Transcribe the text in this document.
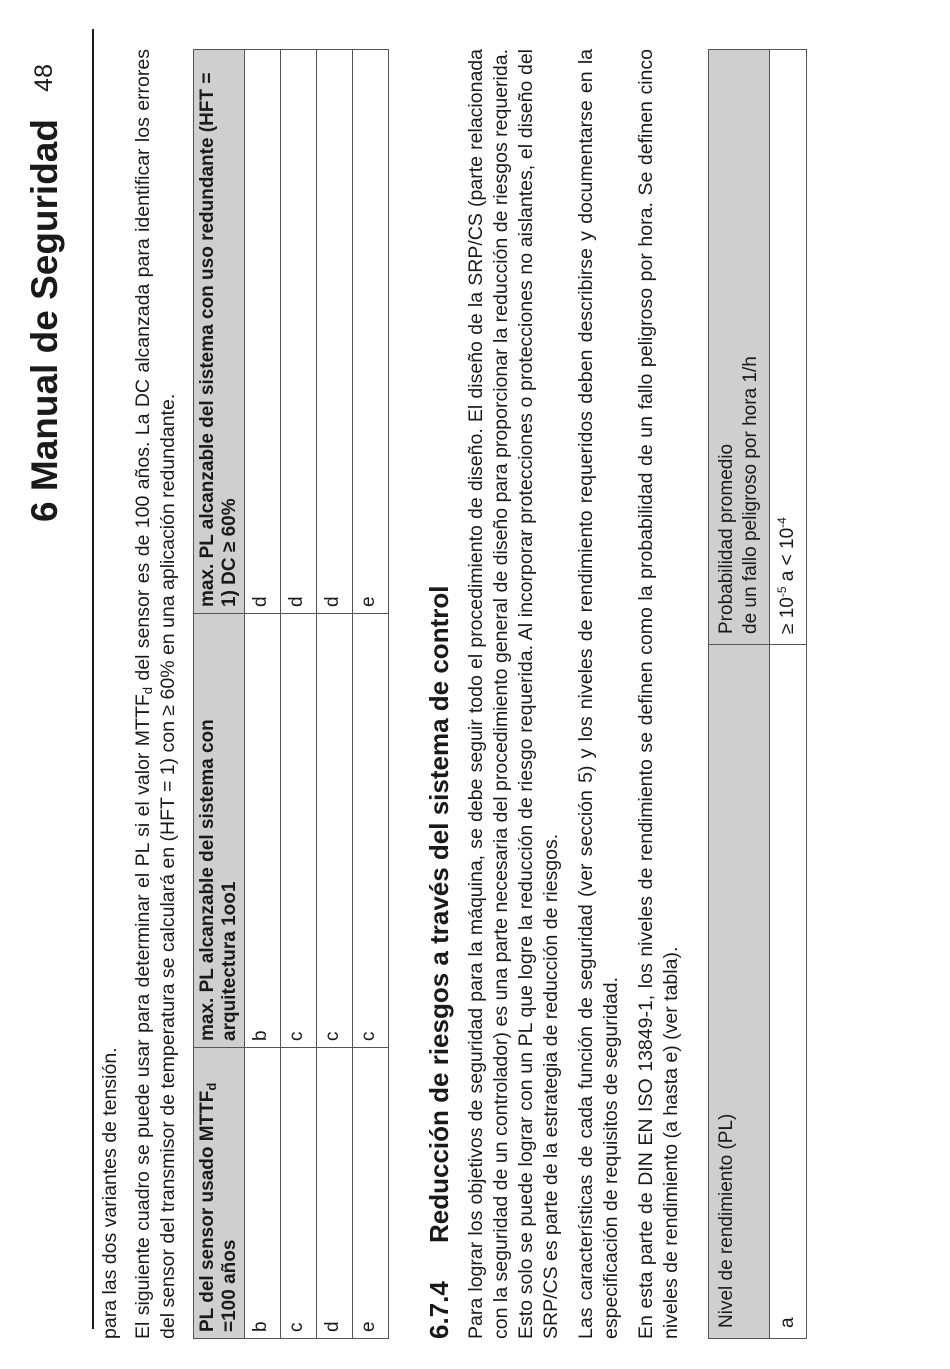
6 Manual de Seguridad
48

para las dos variantes de tensión. El siguiente cuadro se puede usar para determinar el PL si el valor $MTTF_d$ del sensor es de 100 años. La DC alcanzada para identificar los errores del sensor del transmisor de temperatura se calculará en (HFT = 1) con ≥ 60% en una aplicación redundante. PL del sensor usado $MTTF_d =100$ años	max. PL alcanzable del sistema con arquitectura 1oo1	max. PL alcanzable del sistema con uso redundante (HFT = 1) DC ≥ 60%
b	b	d
c	c	d
d	c	d
e	c	e
6.7.4Reducción de riesgos a través del sistema de control Para lograr los objetivos de seguridad para la máquina, se debe seguir todo el procedimiento de diseño. El diseño de la SRP/CS (parte relacionada con la seguridad de un controlador) es una parte necesaria del procedimiento general de diseño para proporcionar la reducción de riesgos requerida. Esto solo se puede lograr con un PL que logre la reducción de riesgo requerida. Al incorporar protecciones o protecciones no aislantes, el diseño del SRP/CS es parte de la estrategia de reducción de riesgos. Las características de cada función de seguridad (ver sección 5) y los niveles de rendimiento requeridos deben describirse y documentarse en la especificación de requisitos de seguridad. En esta parte de DIN EN ISO 13849-1, los niveles de rendimiento se definen como la probabilidad de un fallo peligroso por hora. Se definen cinco niveles de rendimiento (a hasta e) (ver tabla). Nivel de rendimiento (PL)	Probabilidad promedio de un fallo peligroso por hora 1/h

a	≥ $10^{-5}$ $a < 10^{-4}$
